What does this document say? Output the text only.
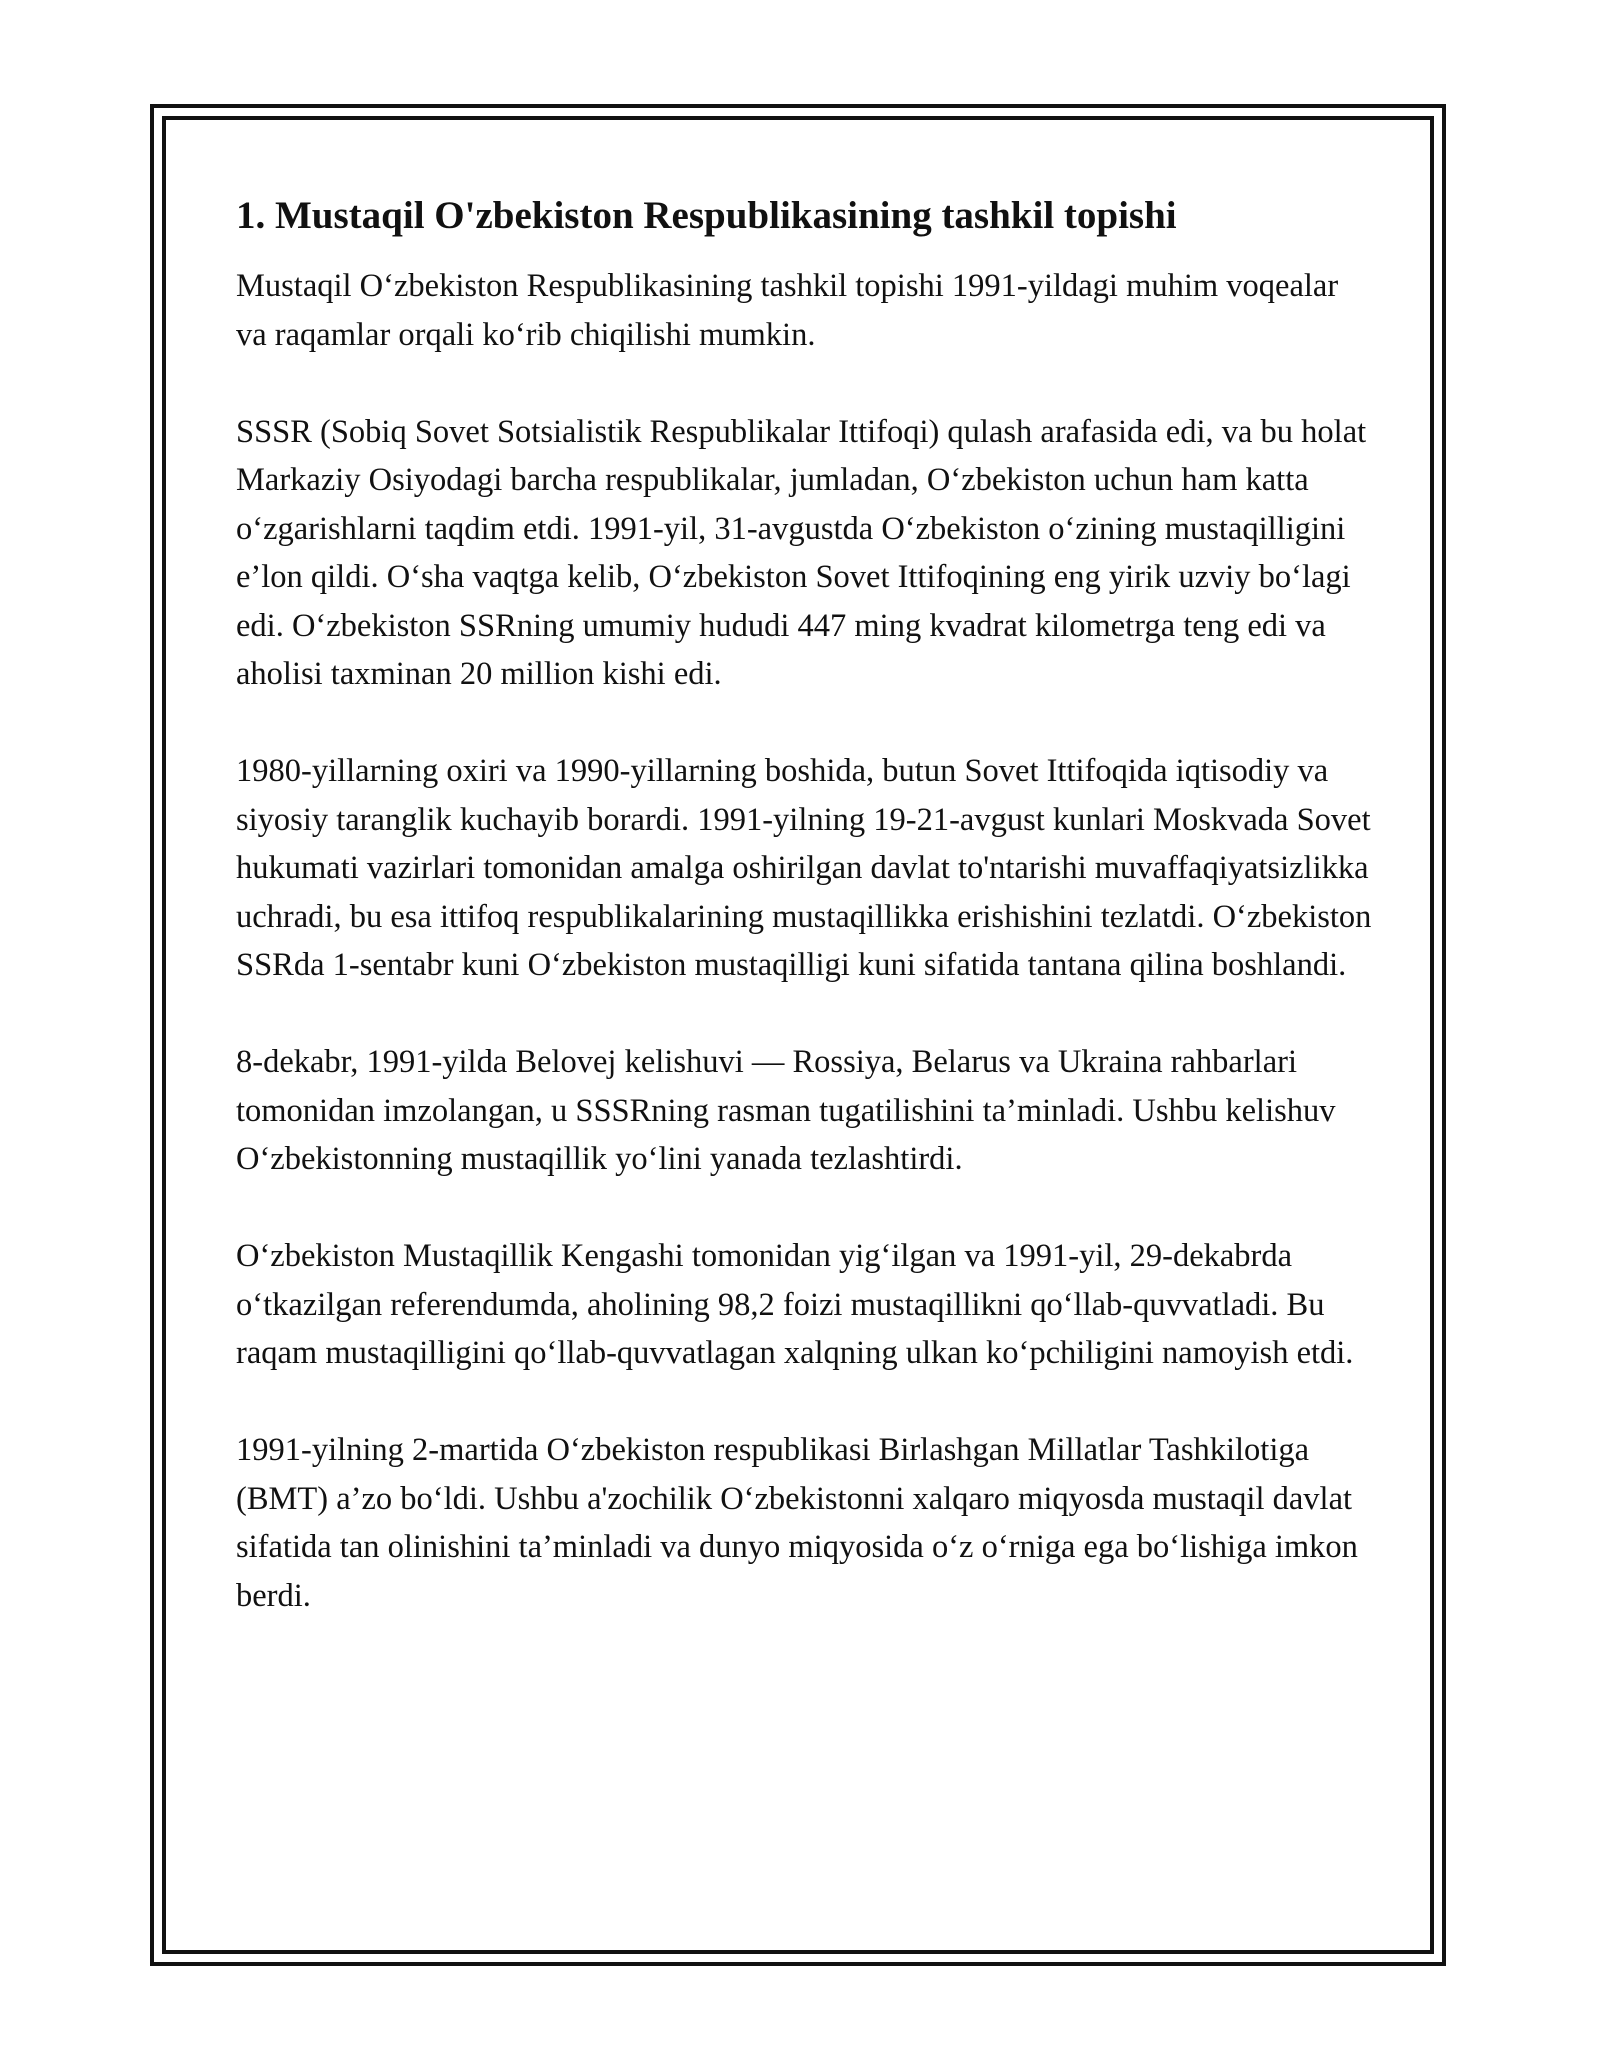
1. Mustaqil O'zbekiston Respublikasining tashkil topishi

Mustaqil O‘zbekiston Respublikasining tashkil topishi 1991-yildagi muhim voqealar va raqamlar orqali ko‘rib chiqilishi mumkin.

SSSR (Sobiq Sovet Sotsialistik Respublikalar Ittifoqi) qulash arafasida edi, va bu holat Markaziy Osiyodagi barcha respublikalar, jumladan, O‘zbekiston uchun ham katta o‘zgarishlarni taqdim etdi. 1991-yil, 31-avgustda O‘zbekiston o‘zining mustaqilligini e’lon qildi. O‘sha vaqtga kelib, O‘zbekiston Sovet Ittifoqining eng yirik uzviy bo‘lagi edi. O‘zbekiston SSRning umumiy hududi 447 ming kvadrat kilometrga teng edi va aholisi taxminan 20 million kishi edi.

1980-yillarning oxiri va 1990-yillarning boshida, butun Sovet Ittifoqida iqtisodiy va siyosiy taranglik kuchayib borardi. 1991-yilning 19-21-avgust kunlari Moskvada Sovet hukumati vazirlari tomonidan amalga oshirilgan davlat to'ntarishi muvaffaqiyatsizlikka uchradi, bu esa ittifoq respublikalarining mustaqillikka erishishini tezlatdi. O‘zbekiston SSRda 1-sentabr kuni O‘zbekiston mustaqilligi kuni sifatida tantana qilina boshlandi.

8-dekabr, 1991-yilda Belovej kelishuvi — Rossiya, Belarus va Ukraina rahbarlari tomonidan imzolangan, u SSSRning rasman tugatilishini ta’minladi. Ushbu kelishuv O‘zbekistonning mustaqillik yo‘lini yanada tezlashtirdi.

O‘zbekiston Mustaqillik Kengashi tomonidan yig‘ilgan va 1991-yil, 29-dekabrda o‘tkazilgan referendumda, aholining 98,2 foizi mustaqillikni qo‘llab-quvvatladi. Bu raqam mustaqilligini qo‘llab-quvvatlagan xalqning ulkan ko‘pchiligini namoyish etdi.

1991-yilning 2-martida O‘zbekiston respublikasi Birlashgan Millatlar Tashkilotiga (BMT) a’zo bo‘ldi. Ushbu a'zochilik O‘zbekistonni xalqaro miqyosda mustaqil davlat sifatida tan olinishini ta’minladi va dunyo miqyosida o‘z o‘rniga ega bo‘lishiga imkon berdi.
